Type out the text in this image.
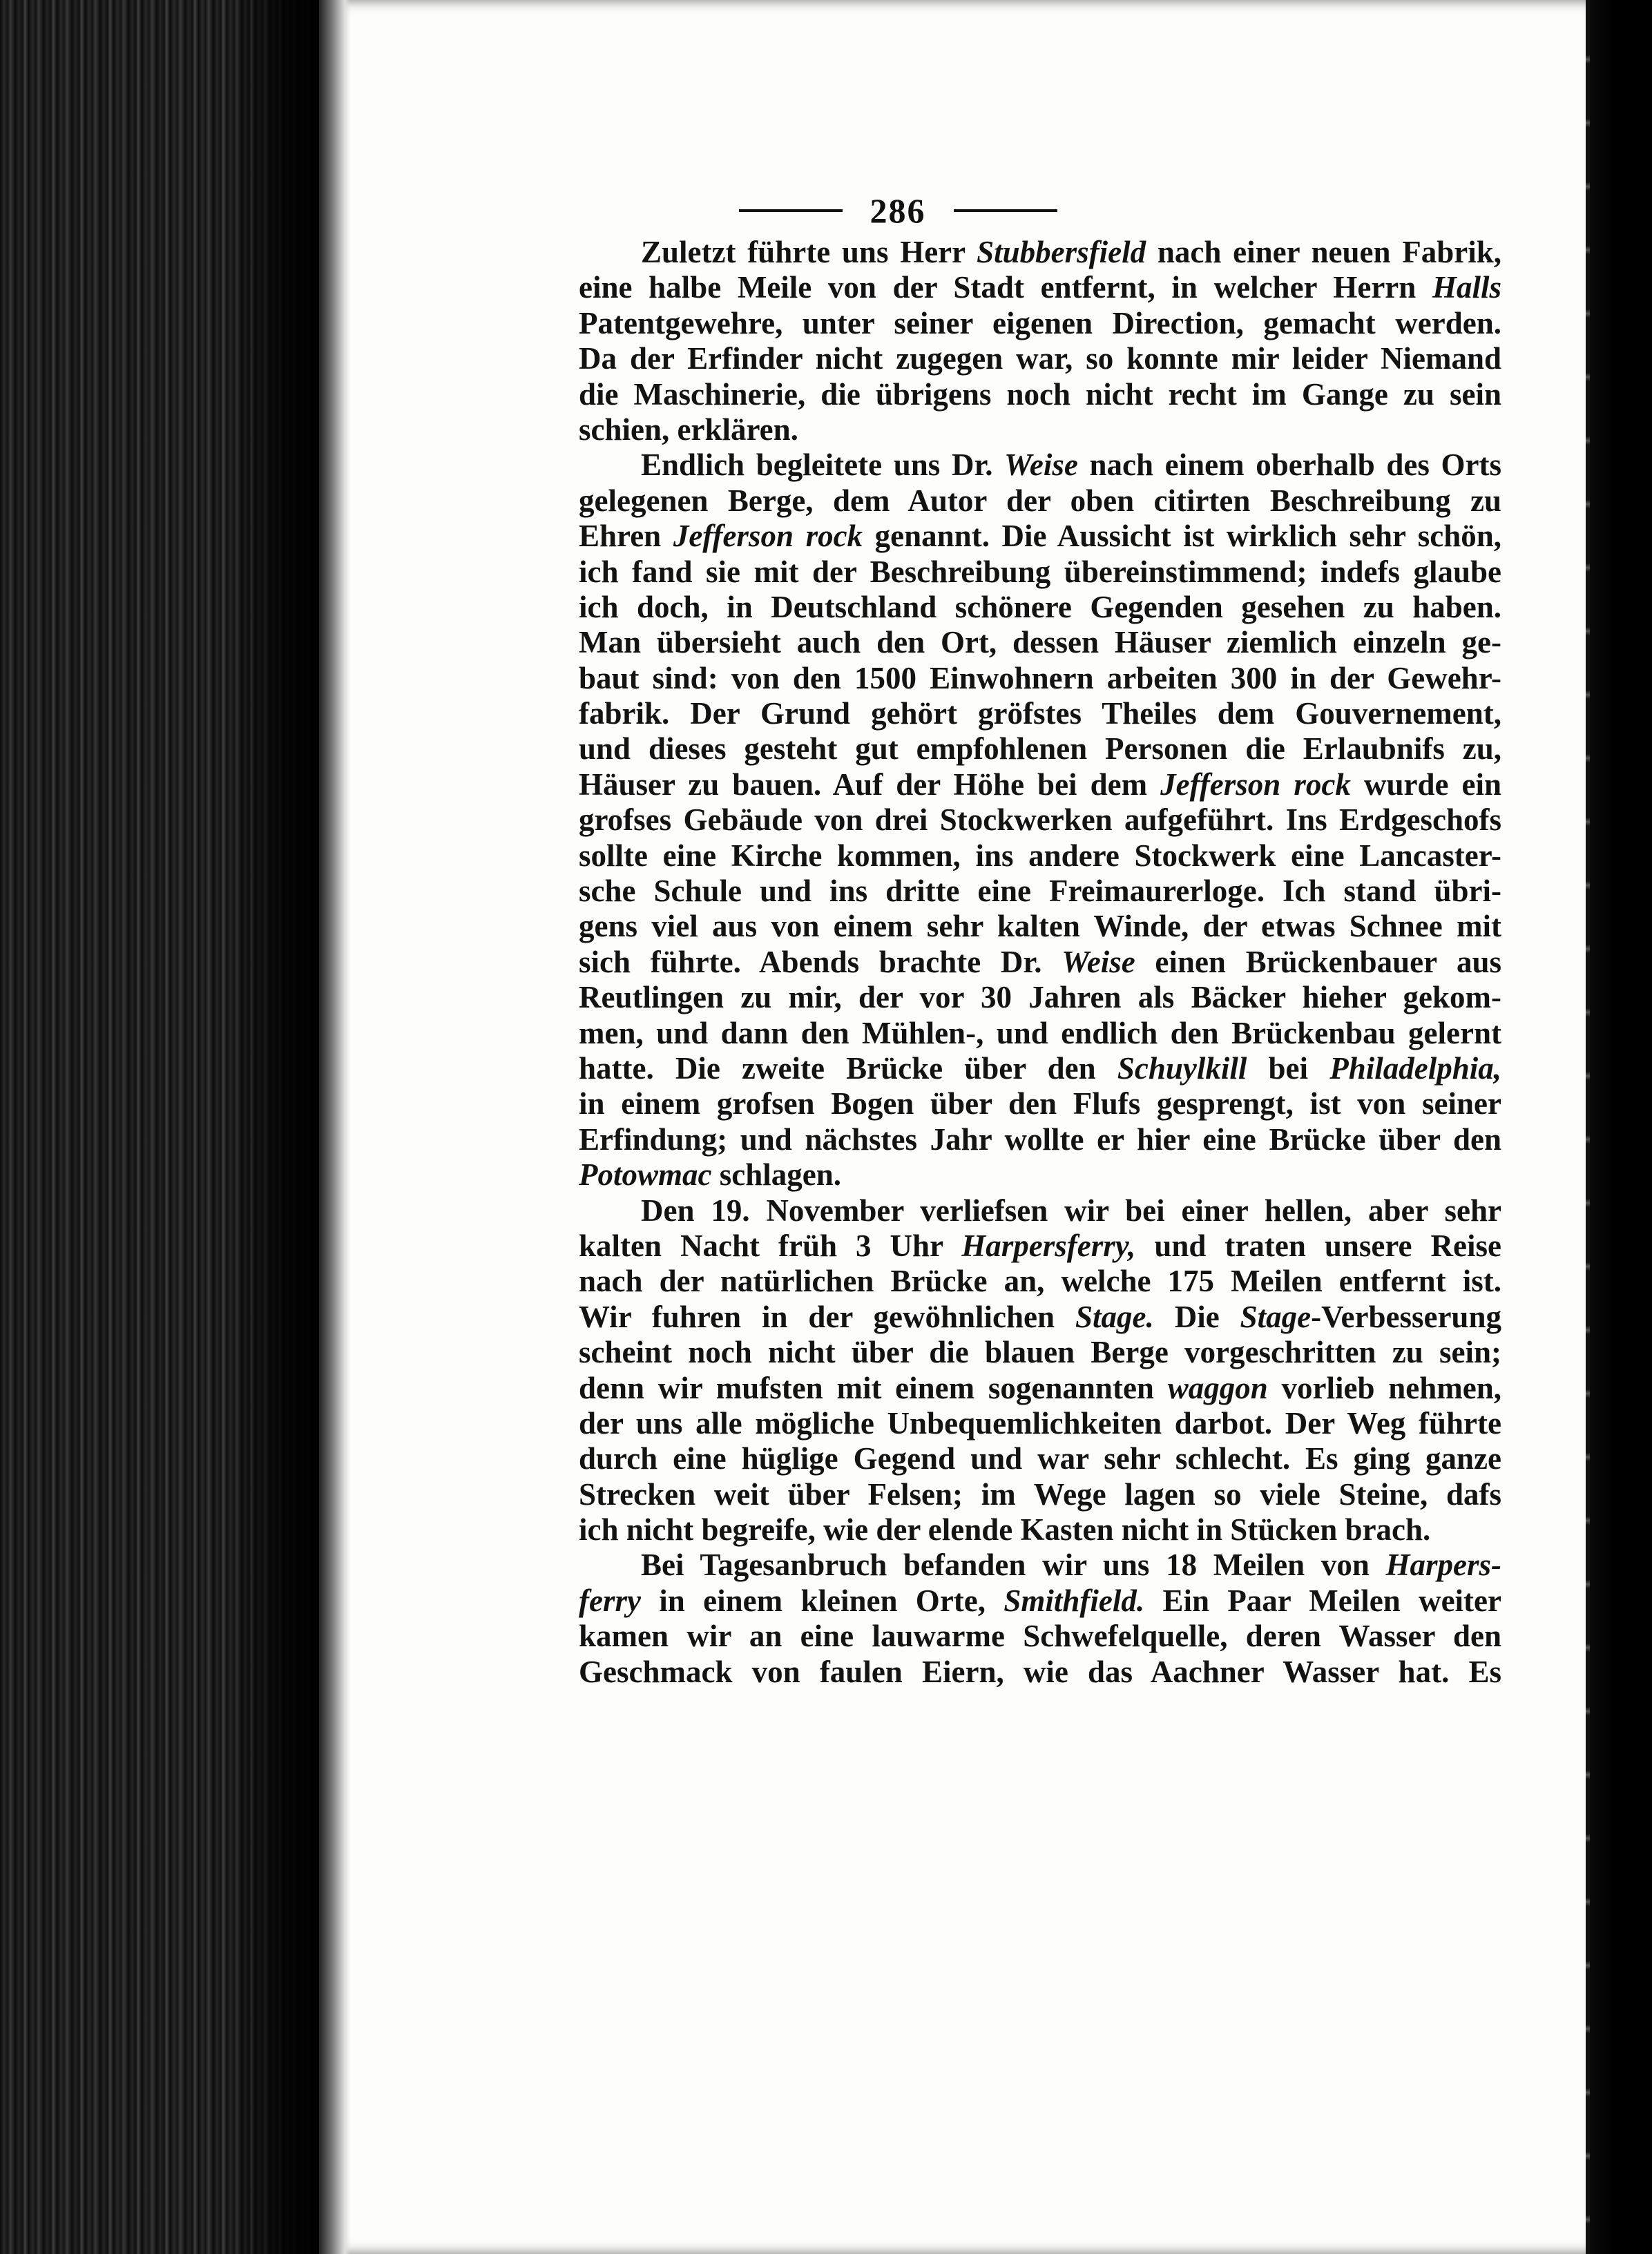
286
Zuletzt führte uns Herr Stubbersfield nach einer neuen Fabrik,
eine halbe Meile von der Stadt entfernt, in welcher Herrn Halls
Patentgewehre, unter seiner eigenen Direction, gemacht werden.
Da der Erfinder nicht zugegen war, so konnte mir leider Niemand
die Maschinerie, die übrigens noch nicht recht im Gange zu sein
schien, erklären.
Endlich begleitete uns Dr. Weise nach einem oberhalb des Orts
gelegenen Berge, dem Autor der oben citirten Beschreibung zu
Ehren Jefferson rock genannt. Die Aussicht ist wirklich sehr schön,
ich fand sie mit der Beschreibung übereinstimmend; indefs glaube
ich doch, in Deutschland schönere Gegenden gesehen zu haben.
Man übersieht auch den Ort, dessen Häuser ziemlich einzeln ge-
baut sind: von den 1500 Einwohnern arbeiten 300 in der Gewehr-
fabrik. Der Grund gehört gröfstes Theiles dem Gouvernement,
und dieses gesteht gut empfohlenen Personen die Erlaubnifs zu,
Häuser zu bauen. Auf der Höhe bei dem Jefferson rock wurde ein
grofses Gebäude von drei Stockwerken aufgeführt. Ins Erdgeschofs
sollte eine Kirche kommen, ins andere Stockwerk eine Lancaster-
sche Schule und ins dritte eine Freimaurerloge. Ich stand übri-
gens viel aus von einem sehr kalten Winde, der etwas Schnee mit
sich führte. Abends brachte Dr. Weise einen Brückenbauer aus
Reutlingen zu mir, der vor 30 Jahren als Bäcker hieher gekom-
men, und dann den Mühlen-, und endlich den Brückenbau gelernt
hatte. Die zweite Brücke über den Schuylkill bei Philadelphia,
in einem grofsen Bogen über den Flufs gesprengt, ist von seiner
Erfindung; und nächstes Jahr wollte er hier eine Brücke über den
Potowmac schlagen.
Den 19. November verliefsen wir bei einer hellen, aber sehr
kalten Nacht früh 3 Uhr Harpersferry, und traten unsere Reise
nach der natürlichen Brücke an, welche 175 Meilen entfernt ist.
Wir fuhren in der gewöhnlichen Stage. Die Stage-Verbesserung
scheint noch nicht über die blauen Berge vorgeschritten zu sein;
denn wir mufsten mit einem sogenannten waggon vorlieb nehmen,
der uns alle mögliche Unbequemlichkeiten darbot. Der Weg führte
durch eine hüglige Gegend und war sehr schlecht. Es ging ganze
Strecken weit über Felsen; im Wege lagen so viele Steine, dafs
ich nicht begreife, wie der elende Kasten nicht in Stücken brach.
Bei Tagesanbruch befanden wir uns 18 Meilen von Harpers-
ferry in einem kleinen Orte, Smithfield. Ein Paar Meilen weiter
kamen wir an eine lauwarme Schwefelquelle, deren Wasser den
Geschmack von faulen Eiern, wie das Aachner Wasser hat. Es
